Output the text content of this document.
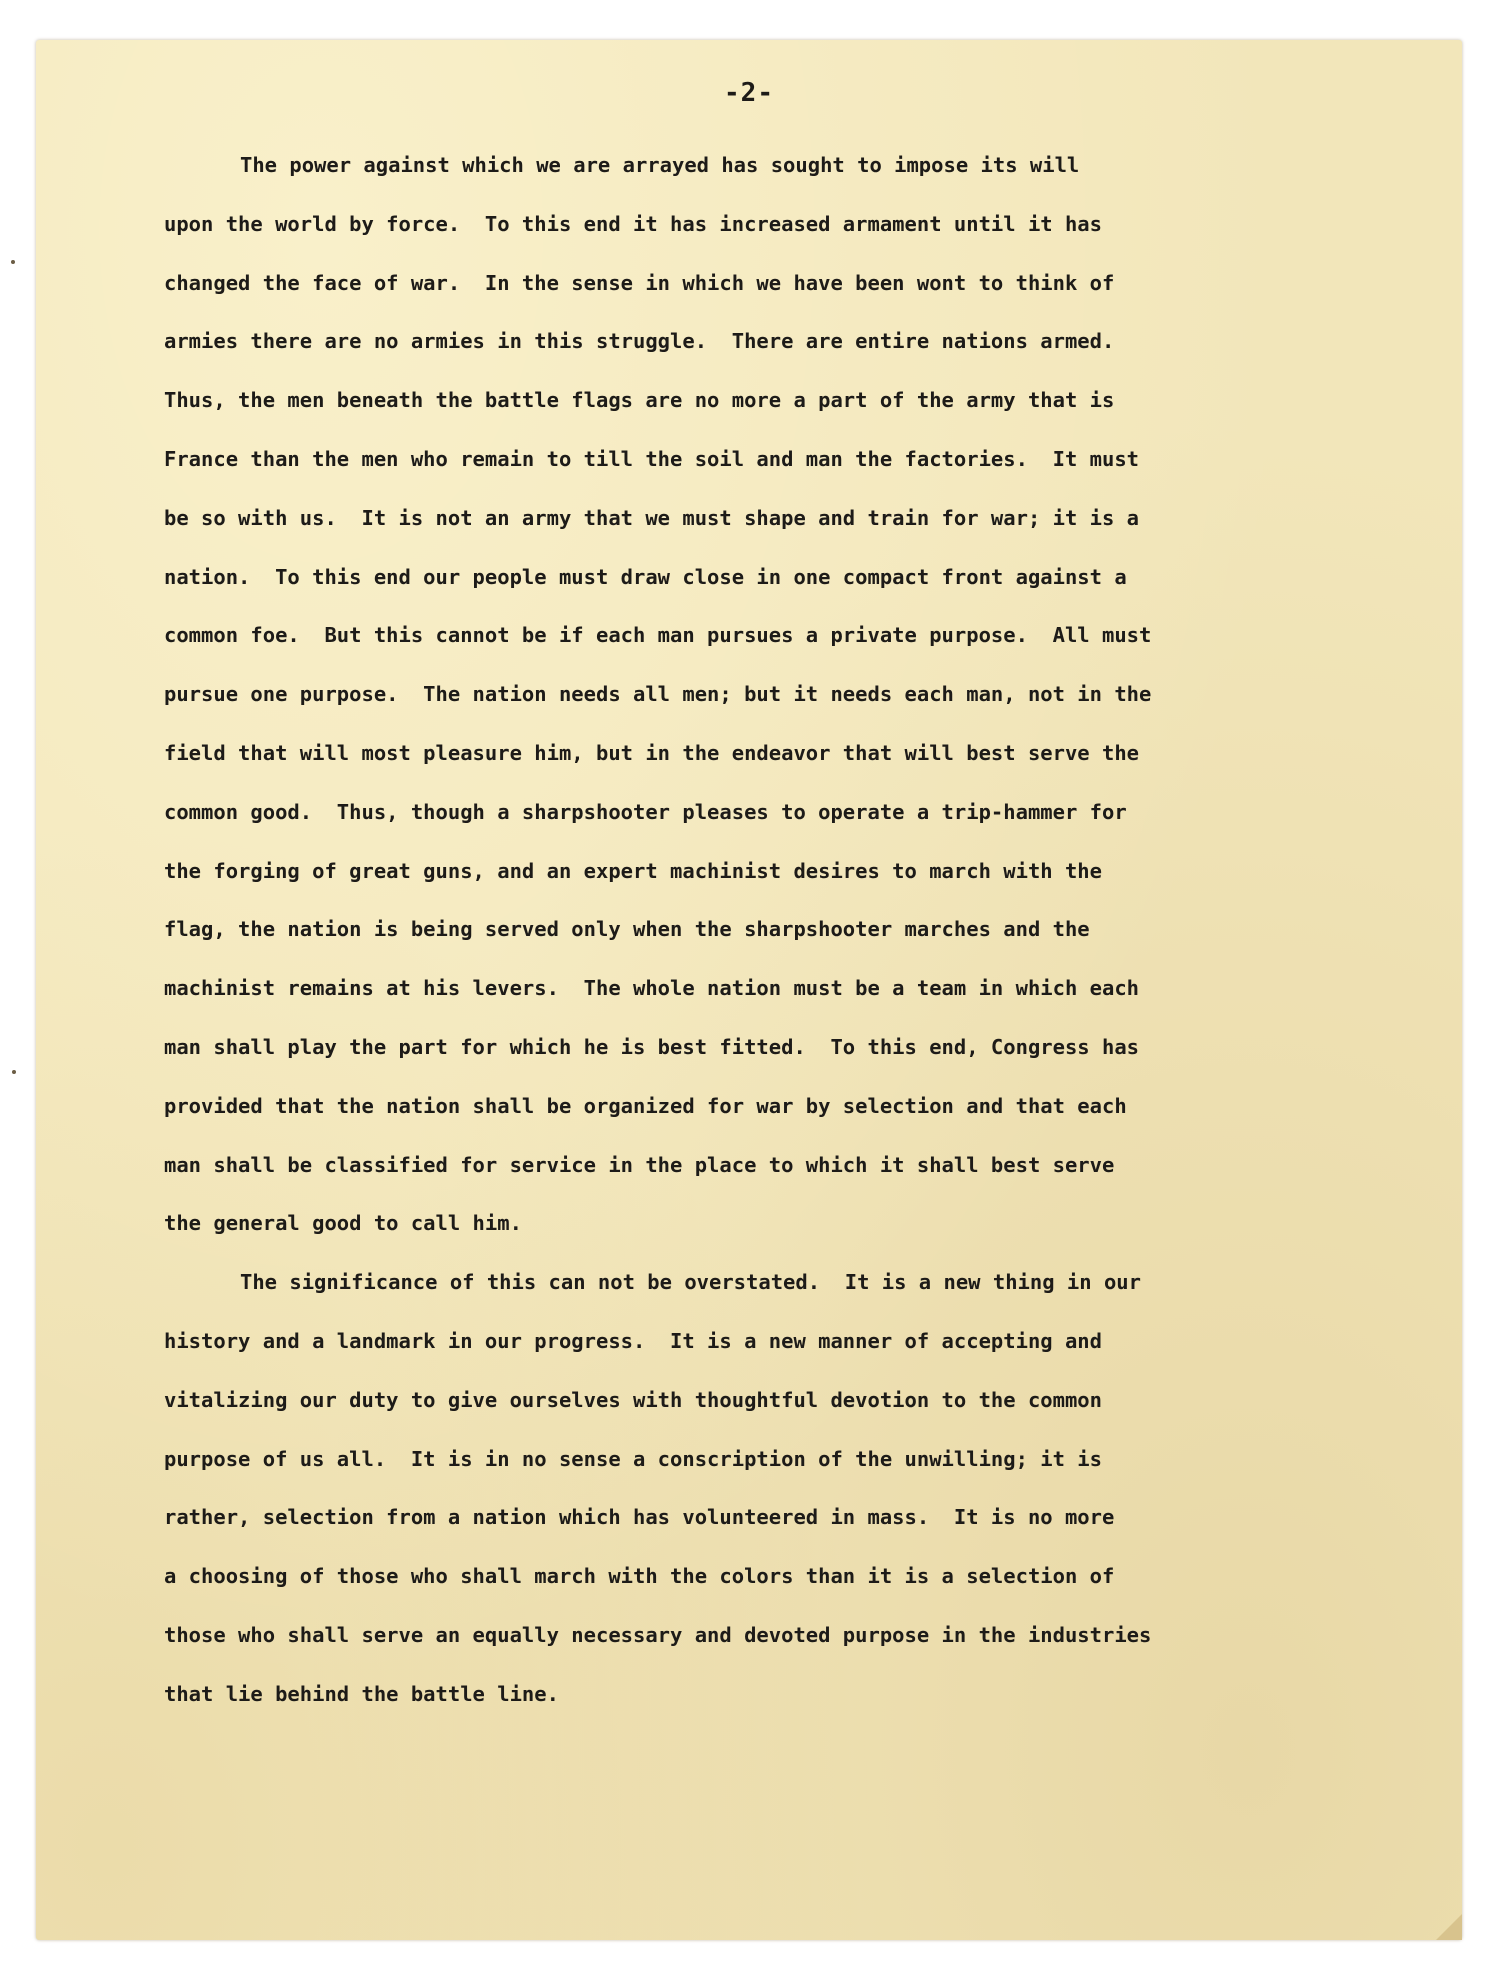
-2-
The power against which we are arrayed has sought to impose its will
upon the world by force.  To this end it has increased armament until it has
changed the face of war.  In the sense in which we have been wont to think of
armies there are no armies in this struggle.  There are entire nations armed.
Thus, the men beneath the battle flags are no more a part of the army that is
France than the men who remain to till the soil and man the factories.  It must
be so with us.  It is not an army that we must shape and train for war; it is a
nation.  To this end our people must draw close in one compact front against a
common foe.  But this cannot be if each man pursues a private purpose.  All must
pursue one purpose.  The nation needs all men; but it needs each man, not in the
field that will most pleasure him, but in the endeavor that will best serve the
common good.  Thus, though a sharpshooter pleases to operate a trip-hammer for
the forging of great guns, and an expert machinist desires to march with the
flag, the nation is being served only when the sharpshooter marches and the
machinist remains at his levers.  The whole nation must be a team in which each
man shall play the part for which he is best fitted.  To this end, Congress has
provided that the nation shall be organized for war by selection and that each
man shall be classified for service in the place to which it shall best serve
the general good to call him.
The significance of this can not be overstated.  It is a new thing in our
history and a landmark in our progress.  It is a new manner of accepting and
vitalizing our duty to give ourselves with thoughtful devotion to the common
purpose of us all.  It is in no sense a conscription of the unwilling; it is
rather, selection from a nation which has volunteered in mass.  It is no more
a choosing of those who shall march with the colors than it is a selection of
those who shall serve an equally necessary and devoted purpose in the industries
that lie behind the battle line.
